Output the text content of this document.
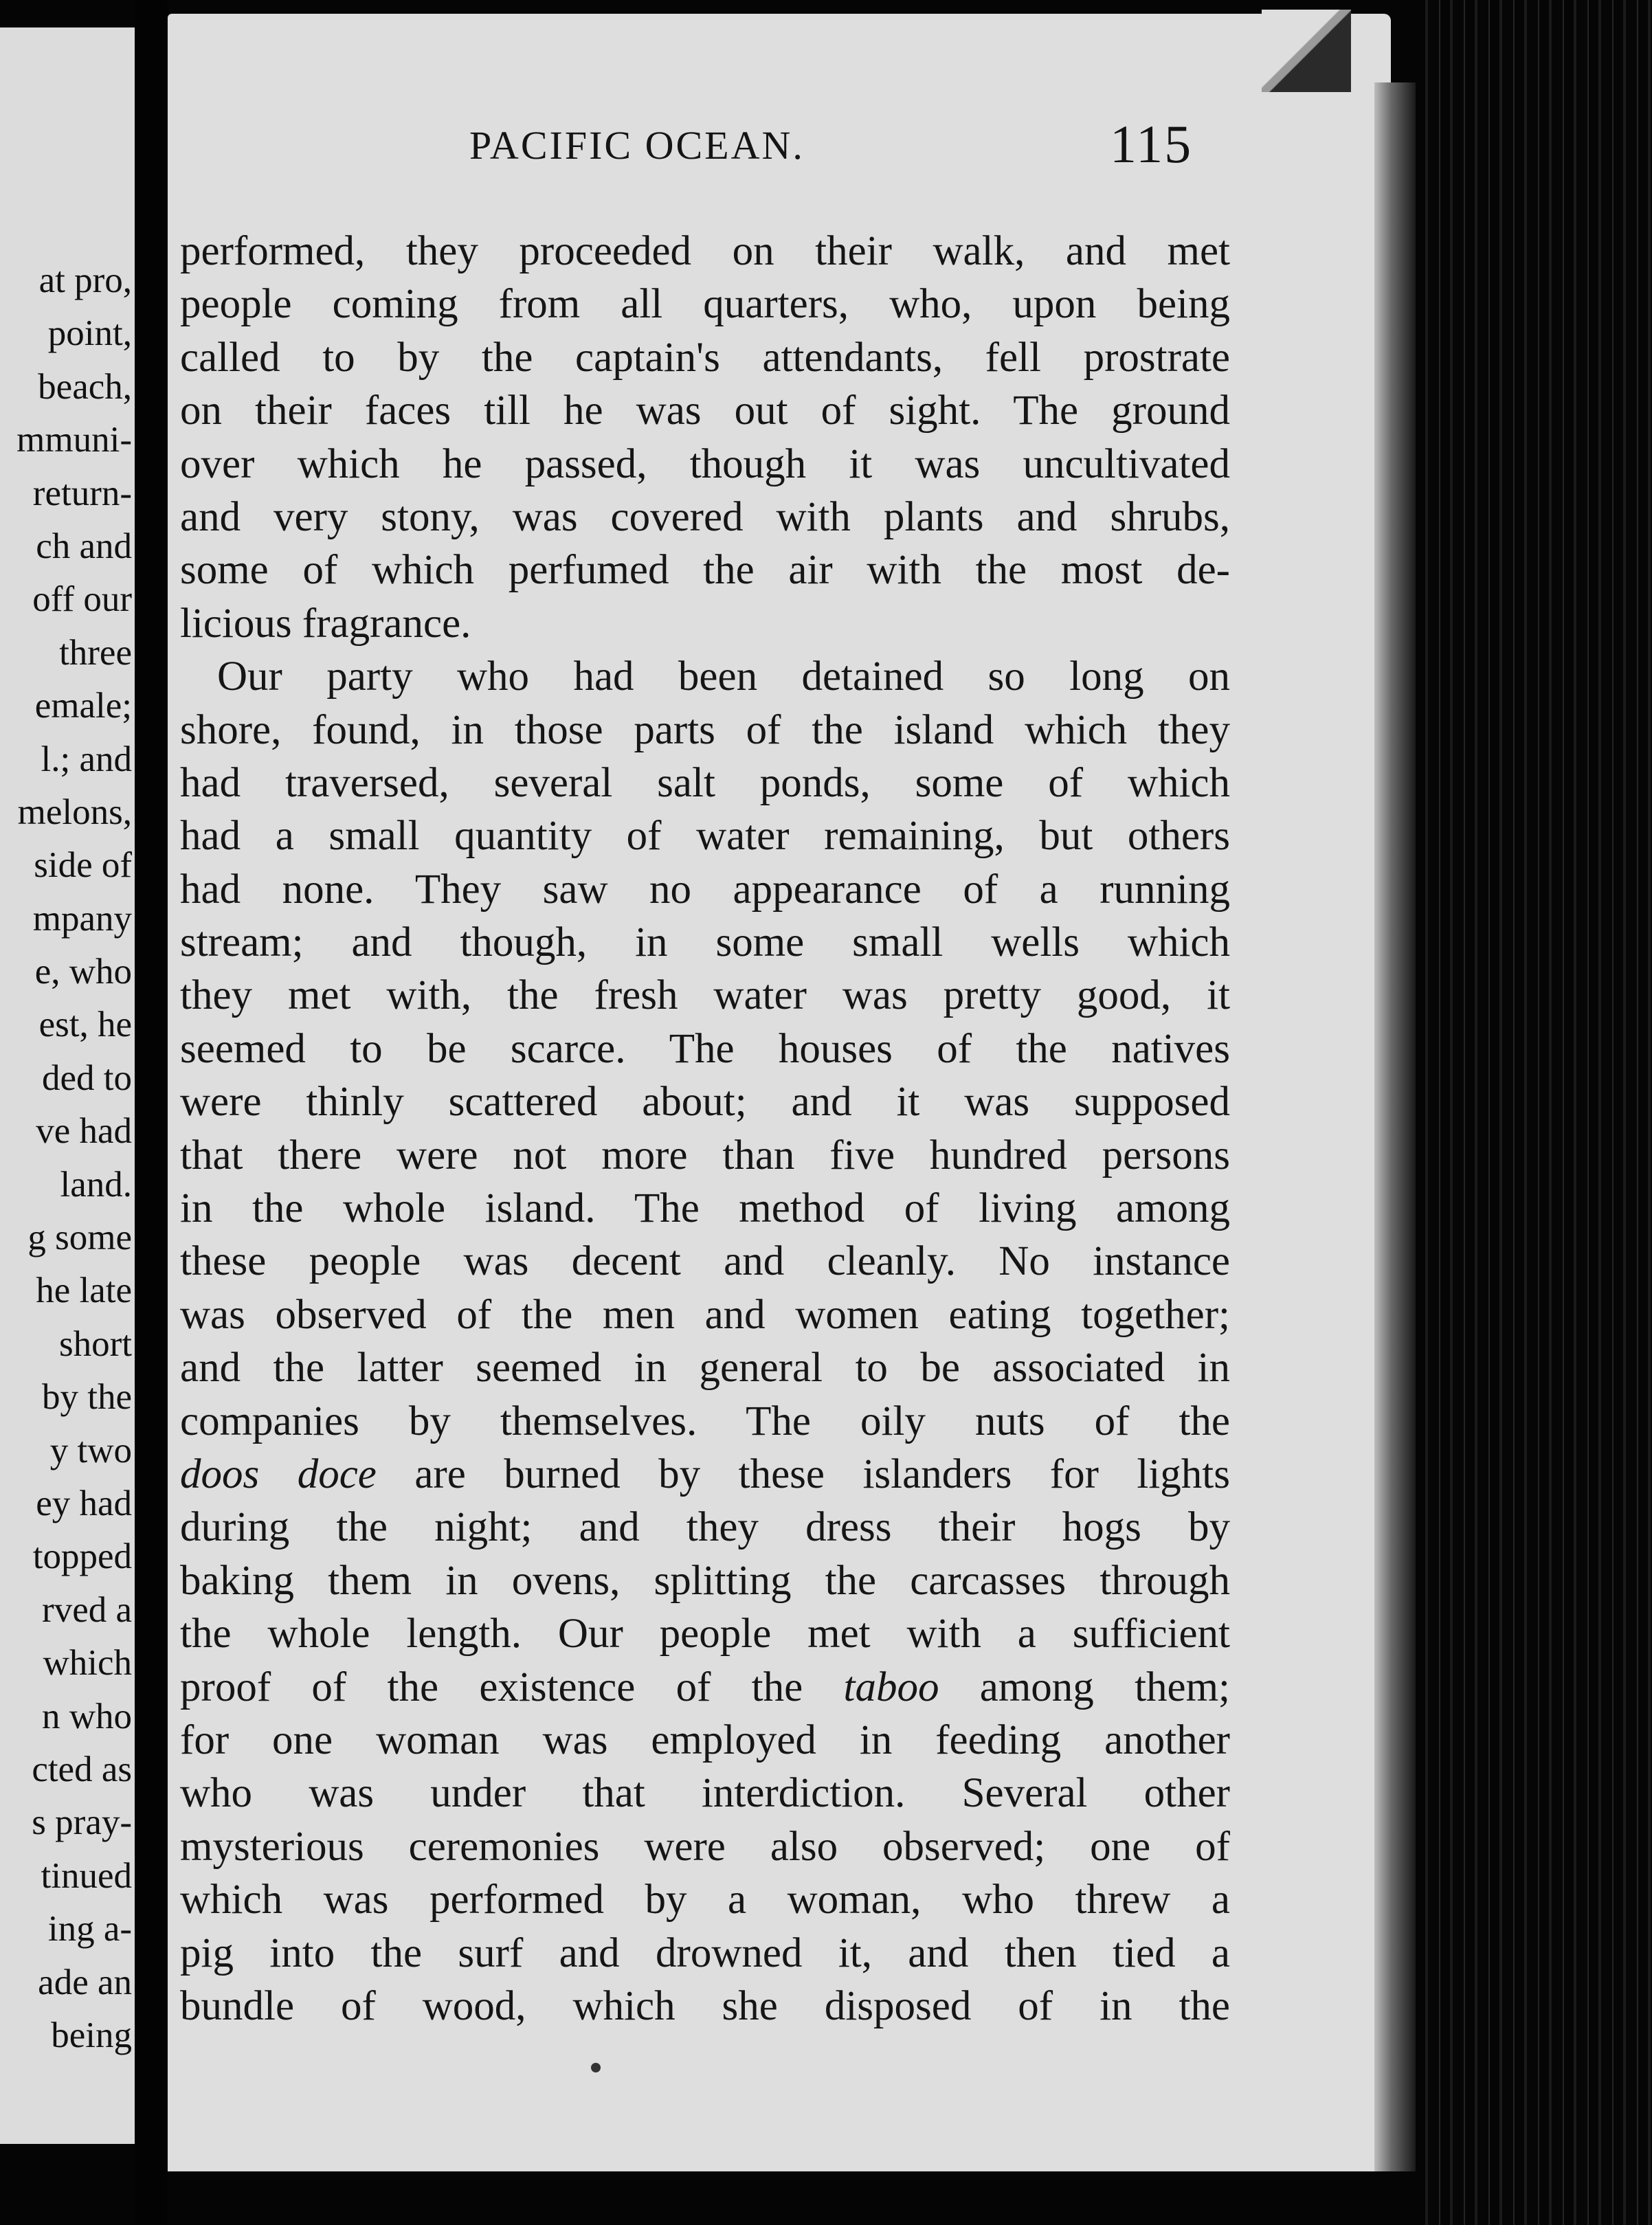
at pro,
point,
beach,
mmuni-
return-
ch and
off our
three
emale;
l.; and
melons,
side of
mpany
e, who
est, he
ded to
ve had
land.
g some
he late
short
by the
y two
ey had
topped
rved a
which
n who
cted as
s pray-
tinued
ing a-
ade an
being
PACIFIC OCEAN.	115
performed, they proceeded on their walk, and met
people coming from all quarters, who, upon being
called to by the captain's attendants, fell prostrate
on their faces till he was out of sight. The ground
over which he passed, though it was uncultivated
and very stony, was covered with plants and shrubs,
some of which perfumed the air with the most de-
licious fragrance.
Our party who had been detained so long on
shore, found, in those parts of the island which they
had traversed, several salt ponds, some of which
had a small quantity of water remaining, but others
had none. They saw no appearance of a running
stream; and though, in some small wells which
they met with, the fresh water was pretty good, it
seemed to be scarce. The houses of the natives
were thinly scattered about; and it was supposed
that there were not more than five hundred persons
in the whole island. The method of living among
these people was decent and cleanly. No instance
was observed of the men and women eating together;
and the latter seemed in general to be associated in
companies by themselves. The oily nuts of the
doos doce are burned by these islanders for lights
during the night; and they dress their hogs by
baking them in ovens, splitting the carcasses through
the whole length. Our people met with a sufficient
proof of the existence of the taboo among them;
for one woman was employed in feeding another
who was under that interdiction. Several other
mysterious ceremonies were also observed; one of
which was performed by a woman, who threw a
pig into the surf and drowned it, and then tied a
bundle of wood, which she disposed of in the
